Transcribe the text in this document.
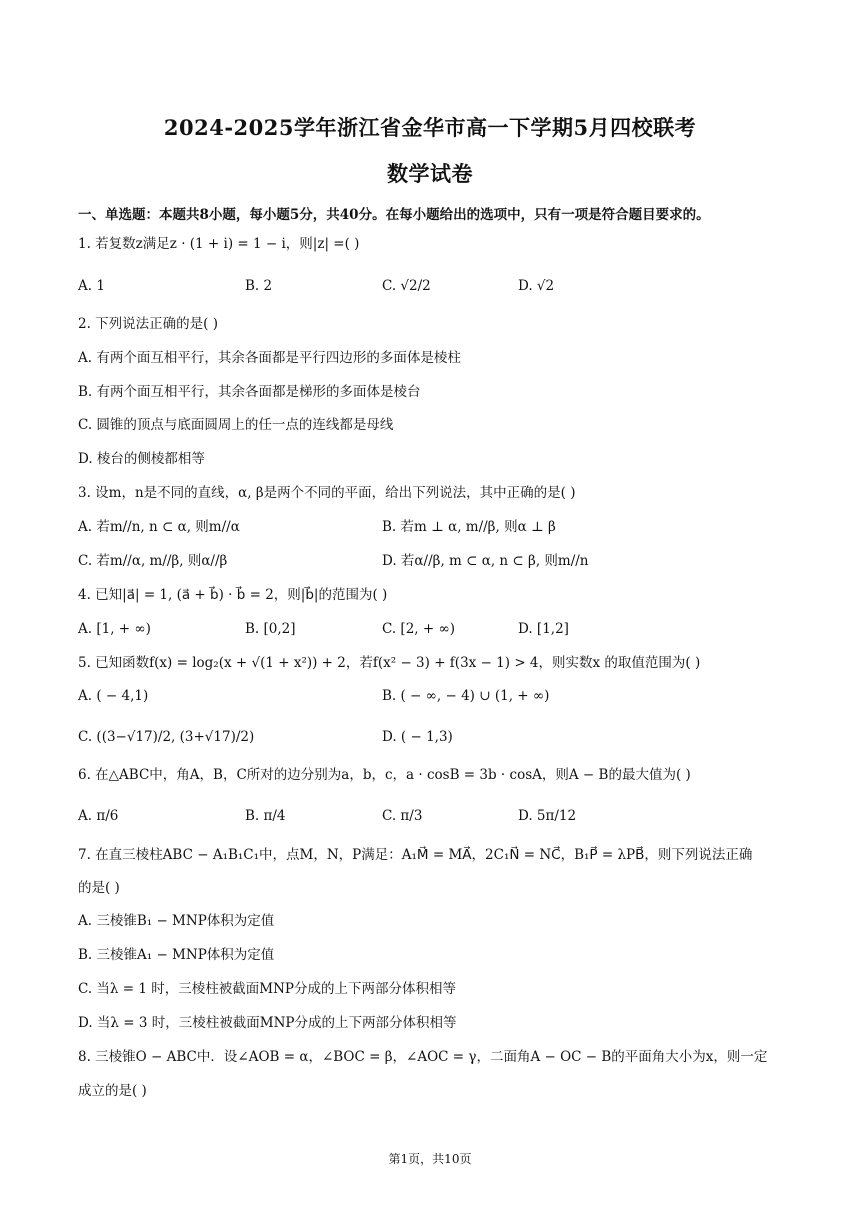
2024-2025学年浙江省金华市高一下学期5月四校联考
数学试卷
一、单选题：本题共8小题，每小题5分，共40分。在每小题给出的选项中，只有一项是符合题目要求的。
1. 若复数z满足z · (1 + i) = 1 − i，则|z| =( )
A. 1	B. 2	C. √2/2	D. √2
2. 下列说法正确的是( )
A. 有两个面互相平行，其余各面都是平行四边形的多面体是棱柱
B. 有两个面互相平行，其余各面都是梯形的多面体是棱台
C. 圆锥的顶点与底面圆周上的任一点的连线都是母线
D. 棱台的侧棱都相等
3. 设m，n是不同的直线，α, β是两个不同的平面，给出下列说法，其中正确的是( )
A. 若m//n, n ⊂ α, 则m//α	B. 若m ⊥ α, m//β, 则α ⊥ β
C. 若m//α, m//β, 则α//β	D. 若α//β, m ⊂ α, n ⊂ β, 则m//n
4. 已知|a⃗| = 1, (a⃗ + b⃗) · b⃗ = 2，则|b⃗|的范围为( )
A. [1, + ∞)	B. [0,2]	C. [2, + ∞)	D. [1,2]
5. 已知函数f(x) = log₂(x + √(1 + x²)) + 2，若f(x² − 3) + f(3x − 1) > 4，则实数x 的取值范围为( )
A. ( − 4,1)	B. ( − ∞, − 4) ∪ (1, + ∞)
C. ((3−√17)/2, (3+√17)/2)	D. ( − 1,3)
6. 在△ABC中，角A，B，C所对的边分别为a，b，c，a · cosB = 3b · cosA，则A − B的最大值为( )
A. π/6	B. π/4	C. π/3	D. 5π/12
7. 在直三棱柱ABC − A₁B₁C₁中，点M，N，P满足：A₁M⃗ = MA⃗，2C₁N⃗ = NC⃗，B₁P⃗ = λPB⃗，则下列说法正确
的是( )
A. 三棱锥B₁ − MNP体积为定值
B. 三棱锥A₁ − MNP体积为定值
C. 当λ = 1 时，三棱柱被截面MNP分成的上下两部分体积相等
D. 当λ = 3 时，三棱柱被截面MNP分成的上下两部分体积相等
8. 三棱锥O − ABC中．设∠AOB = α，∠BOC = β，∠AOC = γ，二面角A − OC − B的平面角大小为x，则一定
成立的是( )
第1页，共10页
